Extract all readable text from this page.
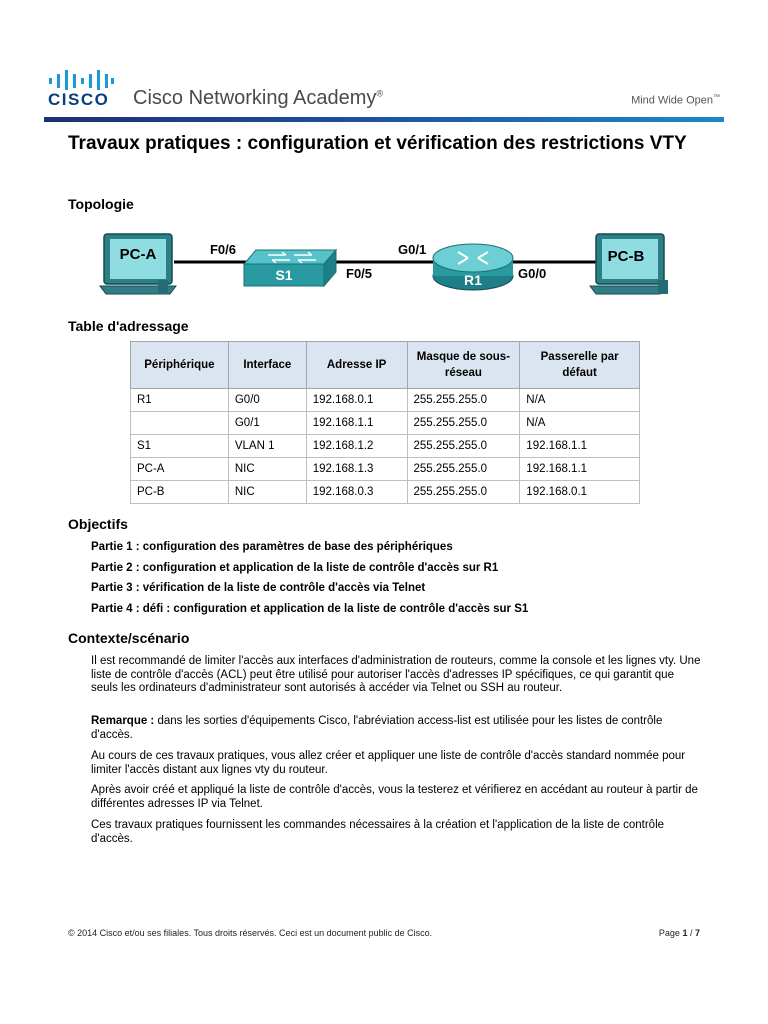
CISCO Cisco Networking Academy®
Mind Wide Open™
Travaux pratiques : configuration et vérification des restrictions VTY
Topologie
PC-A
S1	R1
PC-B
F0/6
F0/5
G0/1
G0/0
Table d'adressage
Périphérique	Interface	Adresse IP	Masque de sous-réseau	Passerelle par défaut
R1	G0/0	192.168.0.1	255.255.255.0	N/A
	G0/1	192.168.1.1	255.255.255.0	N/A
S1	VLAN 1	192.168.1.2	255.255.255.0	192.168.1.1
PC-A	NIC	192.168.1.3	255.255.255.0	192.168.1.1
PC-B	NIC	192.168.0.3	255.255.255.0	192.168.0.1
Objectifs
Partie 1 : configuration des paramètres de base des périphériques
Partie 2 : configuration et application de la liste de contrôle d'accès sur R1
Partie 3 : vérification de la liste de contrôle d'accès via Telnet
Partie 4 : défi : configuration et application de la liste de contrôle d'accès sur S1
Contexte/scénario
Il est recommandé de limiter l'accès aux interfaces d'administration de routeurs, comme la console et les lignes vty. Une liste de contrôle d'accès (ACL) peut être utilisé pour autoriser l'accès d'adresses IP spécifiques, ce qui garantit que seuls les ordinateurs d'administrateur sont autorisés à accéder via Telnet ou SSH au routeur.
Remarque : dans les sorties d'équipements Cisco, l'abréviation access-list est utilisée pour les listes de contrôle d'accès.
Au cours de ces travaux pratiques, vous allez créer et appliquer une liste de contrôle d'accès standard nommée pour limiter l'accès distant aux lignes vty du routeur.
Après avoir créé et appliqué la liste de contrôle d'accès, vous la testerez et vérifierez en accédant au routeur à partir de différentes adresses IP via Telnet.
Ces travaux pratiques fournissent les commandes nécessaires à la création et l'application de la liste de contrôle d'accès.
© 2014 Cisco et/ou ses filiales. Tous droits réservés. Ceci est un document public de Cisco.	Page 1 / 7
